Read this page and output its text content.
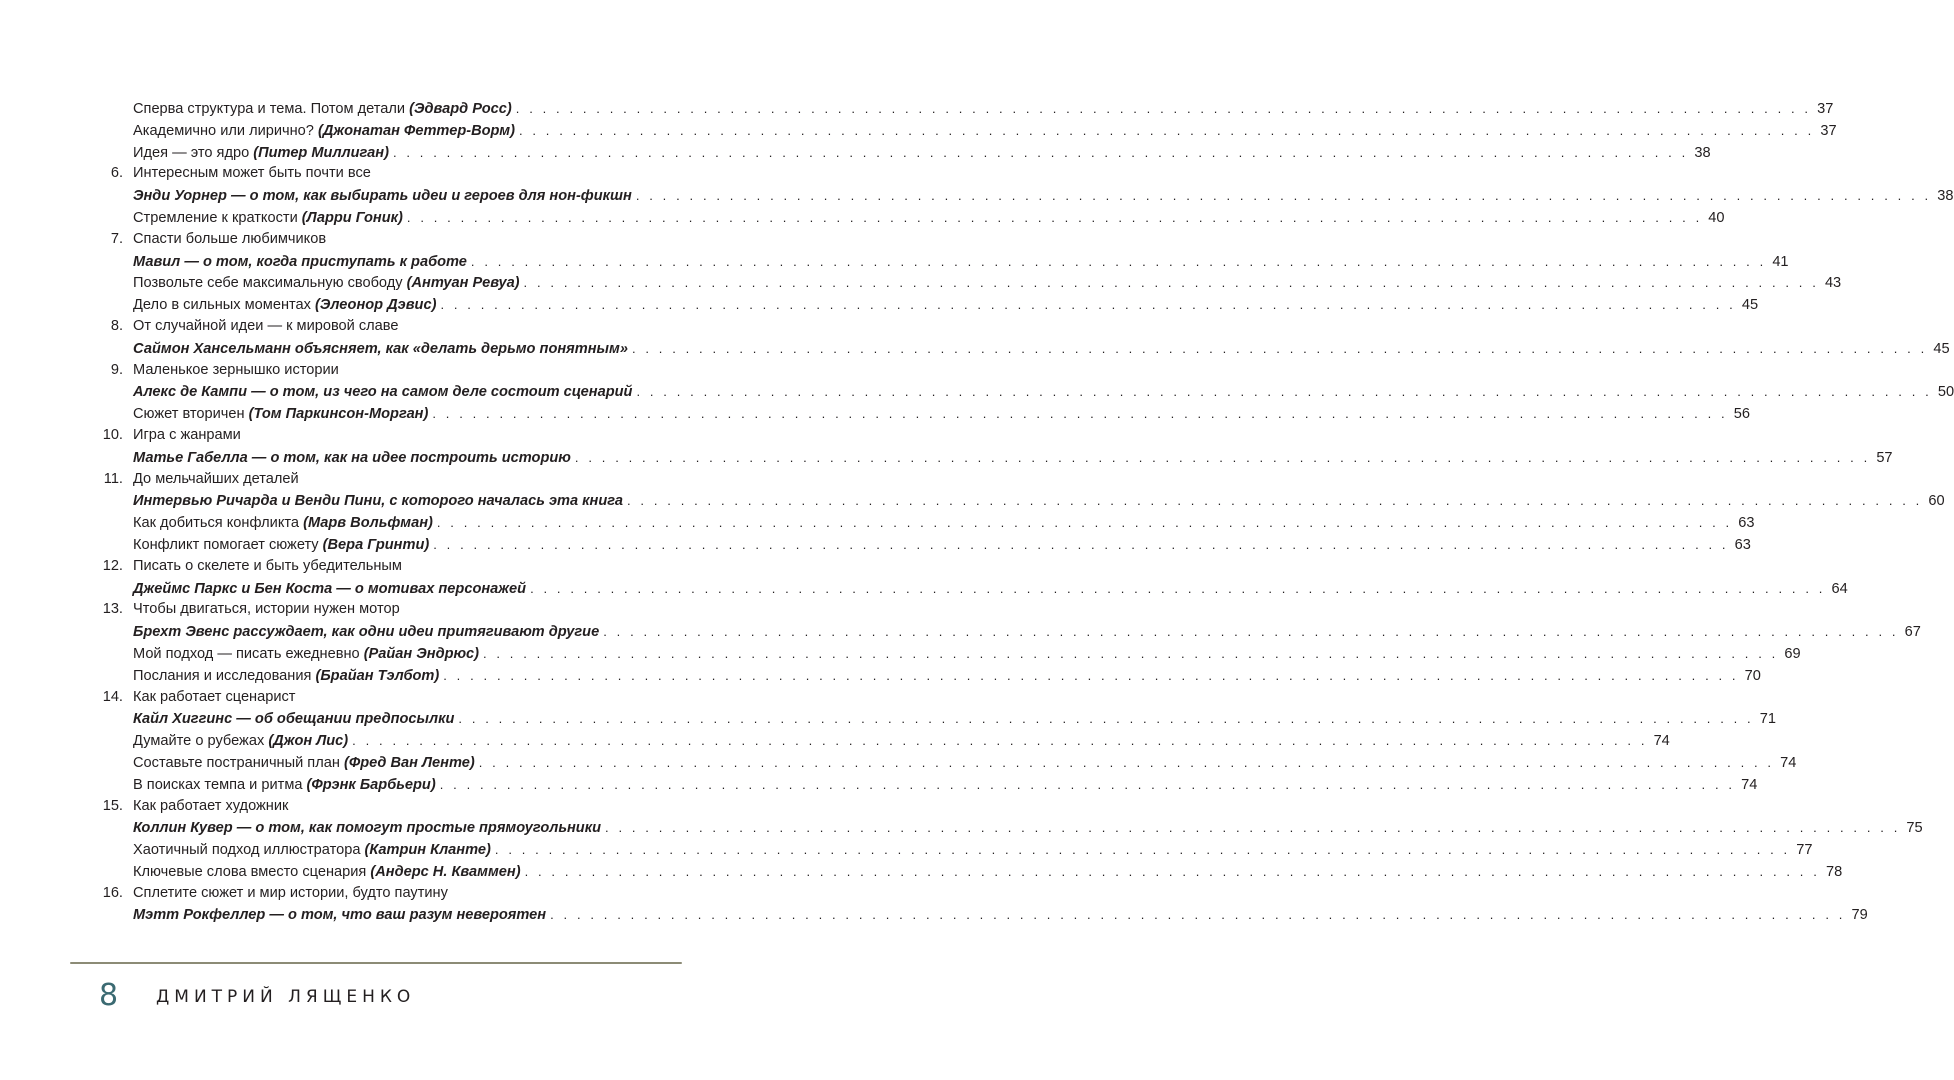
Сперва структура и тема. Потом детали
(Эдвард Росс) . . . . . . . . . . . . . . . . . . . . . . . . . . . . . . . . . . . . . . . . . . . . . . . . . . . . . . . . . . . . . . . . . . . . . . . . . . . . . . . . . . . . . . . . . . . . . . . . . 37
Академично или лирично?
(Джонатан Феттер-Ворм) . . . . . . . . . . . . . . . . . . . . . . . . . . . . . . . . . . . . . . . . . . . . . . . . . . . . . . . . . . . . . . . . . . . . . . . . . . . . . . . . . . . . . . . . . . . . . . . . . 37
Идея — это ядро
(Питер Миллиган) . . . . . . . . . . . . . . . . . . . . . . . . . . . . . . . . . . . . . . . . . . . . . . . . . . . . . . . . . . . . . . . . . . . . . . . . . . . . . . . . . . . . . . . . . . . . . . . . . 38
6. Интересным может быть почти все
Энди Уорнер — о том, как выбирать идеи и героев для нон-фикшн . . . . . . . . . . . . . . . . . . . . . . . . . . . . . . . . . . . . . . . . . . . . . . . . . . . . . . . . . . . . . . . . . . . . . . . . . . . . . . . . . . . . . . . . . . . . . . . . . 38
Стремление к краткости
(Ларри Гоник) . . . . . . . . . . . . . . . . . . . . . . . . . . . . . . . . . . . . . . . . . . . . . . . . . . . . . . . . . . . . . . . . . . . . . . . . . . . . . . . . . . . . . . . . . . . . . . . . . 40
7. Спасти больше любимчиков
Мавил — о том, когда приступать к работе . . . . . . . . . . . . . . . . . . . . . . . . . . . . . . . . . . . . . . . . . . . . . . . . . . . . . . . . . . . . . . . . . . . . . . . . . . . . . . . . . . . . . . . . . . . . . . . . . 41
Позвольте себе максимальную свободу
(Антуан Ревуа) . . . . . . . . . . . . . . . . . . . . . . . . . . . . . . . . . . . . . . . . . . . . . . . . . . . . . . . . . . . . . . . . . . . . . . . . . . . . . . . . . . . . . . . . . . . . . . . . . 43
Дело в сильных моментах
(Элеонор Дэвис) . . . . . . . . . . . . . . . . . . . . . . . . . . . . . . . . . . . . . . . . . . . . . . . . . . . . . . . . . . . . . . . . . . . . . . . . . . . . . . . . . . . . . . . . . . . . . . . . . 45
8. От случайной идеи — к мировой славе
Саймон Хансельманн объясняет, как «делать дерьмо понятным» . . . . . . . . . . . . . . . . . . . . . . . . . . . . . . . . . . . . . . . . . . . . . . . . . . . . . . . . . . . . . . . . . . . . . . . . . . . . . . . . . . . . . . . . . . . . . . . . . 45
9. Маленькое зернышко истории
Алекс де Кампи — о том, из чего на самом деле состоит сценарий . . . . . . . . . . . . . . . . . . . . . . . . . . . . . . . . . . . . . . . . . . . . . . . . . . . . . . . . . . . . . . . . . . . . . . . . . . . . . . . . . . . . . . . . . . . . . . . . . 50
Сюжет вторичен
(Том Паркинсон-Морган) . . . . . . . . . . . . . . . . . . . . . . . . . . . . . . . . . . . . . . . . . . . . . . . . . . . . . . . . . . . . . . . . . . . . . . . . . . . . . . . . . . . . . . . . . . . . . . . . . 56
10. Игра с жанрами
Матье Габелла — о том, как на идее построить историю . . . . . . . . . . . . . . . . . . . . . . . . . . . . . . . . . . . . . . . . . . . . . . . . . . . . . . . . . . . . . . . . . . . . . . . . . . . . . . . . . . . . . . . . . . . . . . . . . 57
11. До мельчайших деталей
Интервью Ричарда и Венди Пини, с которого началась эта книга . . . . . . . . . . . . . . . . . . . . . . . . . . . . . . . . . . . . . . . . . . . . . . . . . . . . . . . . . . . . . . . . . . . . . . . . . . . . . . . . . . . . . . . . . . . . . . . . . 60
Как добиться конфликта
(Марв Вольфман) . . . . . . . . . . . . . . . . . . . . . . . . . . . . . . . . . . . . . . . . . . . . . . . . . . . . . . . . . . . . . . . . . . . . . . . . . . . . . . . . . . . . . . . . . . . . . . . . . 63
Конфликт помогает сюжету
(Вера Гринти) . . . . . . . . . . . . . . . . . . . . . . . . . . . . . . . . . . . . . . . . . . . . . . . . . . . . . . . . . . . . . . . . . . . . . . . . . . . . . . . . . . . . . . . . . . . . . . . . . 63
12. Писать о скелете и быть убедительным
Джеймс Паркс и Бен Коста — о мотивах персонажей . . . . . . . . . . . . . . . . . . . . . . . . . . . . . . . . . . . . . . . . . . . . . . . . . . . . . . . . . . . . . . . . . . . . . . . . . . . . . . . . . . . . . . . . . . . . . . . . . 64
13. Чтобы двигаться, истории нужен мотор
Брехт Эвенс рассуждает, как одни идеи притягивают другие . . . . . . . . . . . . . . . . . . . . . . . . . . . . . . . . . . . . . . . . . . . . . . . . . . . . . . . . . . . . . . . . . . . . . . . . . . . . . . . . . . . . . . . . . . . . . . . . . 67
Мой подход — писать ежедневно
(Райан Эндрюс) . . . . . . . . . . . . . . . . . . . . . . . . . . . . . . . . . . . . . . . . . . . . . . . . . . . . . . . . . . . . . . . . . . . . . . . . . . . . . . . . . . . . . . . . . . . . . . . . . 69
Послания и исследования
(Брайан Тэлбот) . . . . . . . . . . . . . . . . . . . . . . . . . . . . . . . . . . . . . . . . . . . . . . . . . . . . . . . . . . . . . . . . . . . . . . . . . . . . . . . . . . . . . . . . . . . . . . . . . 70
14. Как работает сценарист
Кайл Хиггинс — об обещании предпосылки . . . . . . . . . . . . . . . . . . . . . . . . . . . . . . . . . . . . . . . . . . . . . . . . . . . . . . . . . . . . . . . . . . . . . . . . . . . . . . . . . . . . . . . . . . . . . . . . . 71
Думайте о рубежах
(Джон Лис) . . . . . . . . . . . . . . . . . . . . . . . . . . . . . . . . . . . . . . . . . . . . . . . . . . . . . . . . . . . . . . . . . . . . . . . . . . . . . . . . . . . . . . . . . . . . . . . . . 74
Составьте постраничный план
(Фред Ван Ленте) . . . . . . . . . . . . . . . . . . . . . . . . . . . . . . . . . . . . . . . . . . . . . . . . . . . . . . . . . . . . . . . . . . . . . . . . . . . . . . . . . . . . . . . . . . . . . . . . . 74
В поисках темпа и ритма
(Фрэнк Барбьери) . . . . . . . . . . . . . . . . . . . . . . . . . . . . . . . . . . . . . . . . . . . . . . . . . . . . . . . . . . . . . . . . . . . . . . . . . . . . . . . . . . . . . . . . . . . . . . . . . 74
15. Как работает художник
Коллин Кувер — о том, как помогут простые прямоугольники . . . . . . . . . . . . . . . . . . . . . . . . . . . . . . . . . . . . . . . . . . . . . . . . . . . . . . . . . . . . . . . . . . . . . . . . . . . . . . . . . . . . . . . . . . . . . . . . . 75
Хаотичный подход иллюстратора
(Катрин Кланте) . . . . . . . . . . . . . . . . . . . . . . . . . . . . . . . . . . . . . . . . . . . . . . . . . . . . . . . . . . . . . . . . . . . . . . . . . . . . . . . . . . . . . . . . . . . . . . . . . 77
Ключевые слова вместо сценария
(Андерс Н. Кваммен) . . . . . . . . . . . . . . . . . . . . . . . . . . . . . . . . . . . . . . . . . . . . . . . . . . . . . . . . . . . . . . . . . . . . . . . . . . . . . . . . . . . . . . . . . . . . . . . . . 78
16. Сплетите сюжет и мир истории, будто паутину
Мэтт Рокфеллер — о том, что ваш разум невероятен . . . . . . . . . . . . . . . . . . . . . . . . . . . . . . . . . . . . . . . . . . . . . . . . . . . . . . . . . . . . . . . . . . . . . . . . . . . . . . . . . . . . . . . . . . . . . . . . . 79
8 ДМИТРИЙ ЛЯЩЕНКО
